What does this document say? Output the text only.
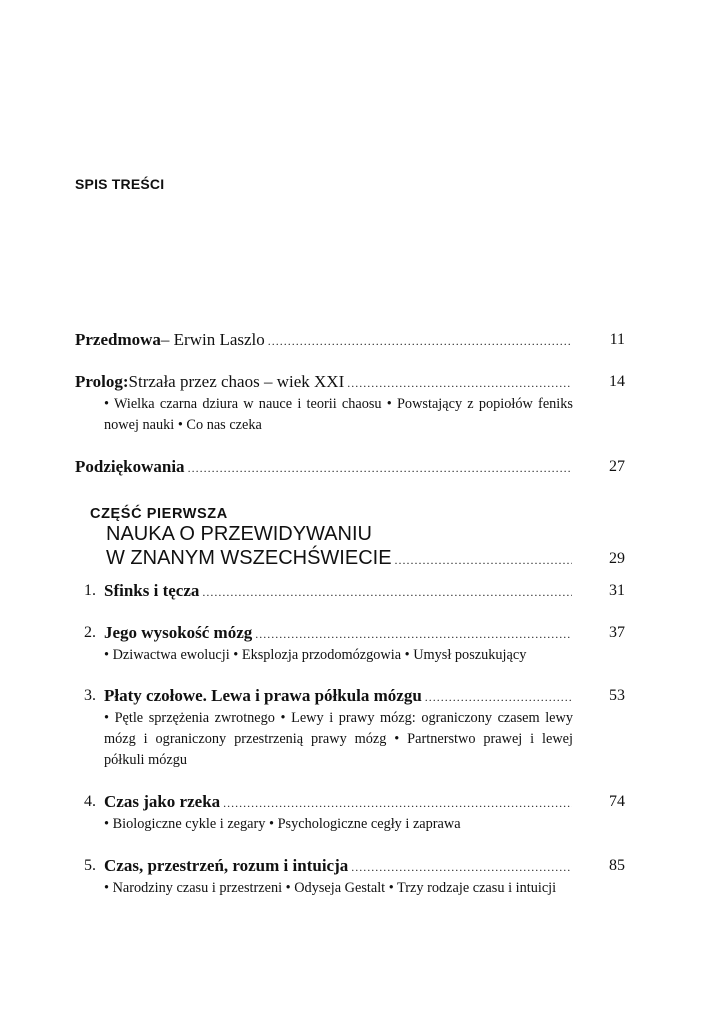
SPIS TREŚCI
Przedmowa – Erwin Laszlo .....	11
Prolog: Strzała przez chaos – wiek XXI .....	14
• Wielka czarna dziura w nauce i teorii chaosu • Powstający z popiołów feniks nowej nauki • Co nas czeka
Podziękowania .....	27
CZĘŚĆ PIERWSZA
NAUKA O PRZEWIDYWANIU
W ZNANYM WSZECHŚWIECIE .....	29
1. Sfinks i tęcza .....	31
2. Jego wysokość mózg .....	37
• Dziwactwa ewolucji • Eksplozja przodomózgowia • Umysł poszukujący
3. Płaty czołowe. Lewa i prawa półkula mózgu .....	53
• Pętle sprzężenia zwrotnego • Lewy i prawy mózg: ograniczony czasem lewy mózg i ograniczony przestrzenią prawy mózg • Partnerstwo prawej i lewej półkuli mózgu
4. Czas jako rzeka .....	74
• Biologiczne cykle i zegary • Psychologiczne cegły i zaprawa
5. Czas, przestrzeń, rozum i intuicja .....	85
• Narodziny czasu i przestrzeni • Odyseja Gestalt • Trzy rodzaje czasu i intuicji
